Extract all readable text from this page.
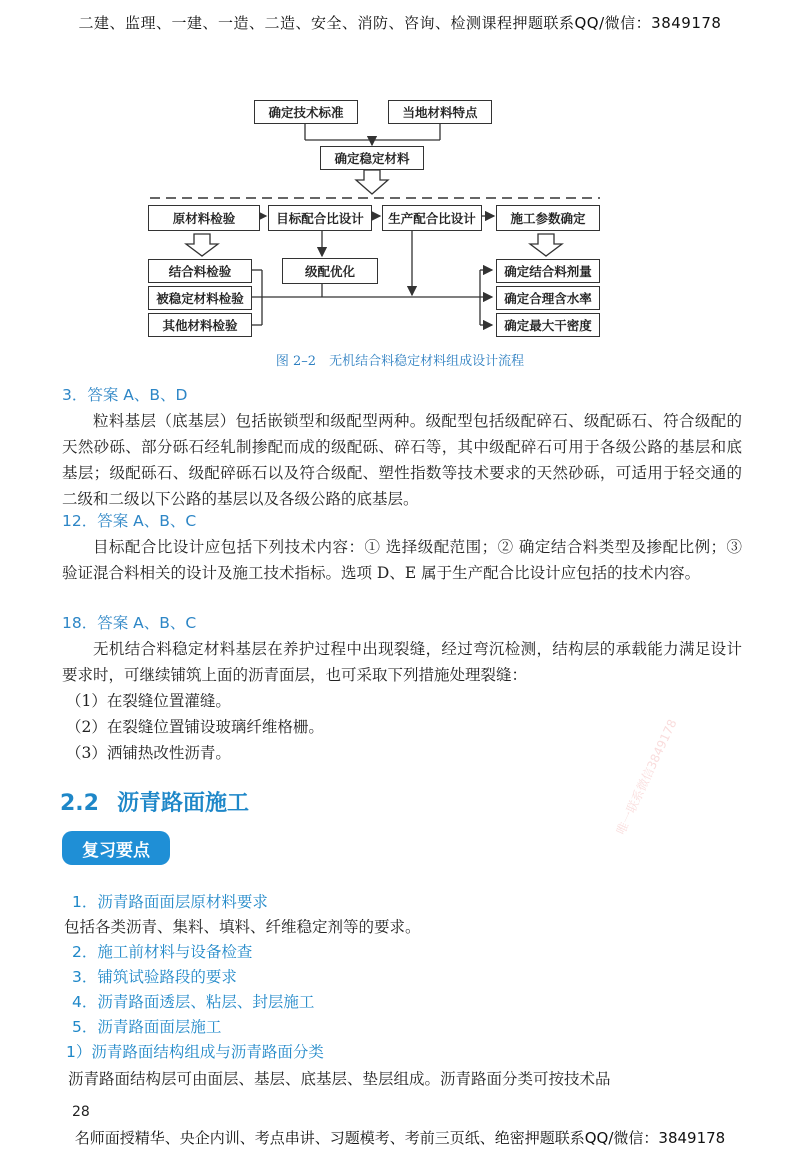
二建、监理、一建、一造、二造、安全、消防、咨询、检测课程押题联系QQ/微信：3849178
确定技术标准	当地材料特点
确定稳定材料
原材料检验	目标配合比设计	生产配合比设计	施工参数确定
结合料检验
被稳定材料检验
其他材料检验
级配优化	确定结合料剂量
确定合理含水率
确定最大干密度
图 2–2　无机结合料稳定材料组成设计流程
3．答案 A、B、D

粒料基层（底基层）包括嵌锁型和级配型两种。级配型包括级配碎石、级配砾石、符合级配的天然砂砾、部分砾石经轧制掺配而成的级配砾、碎石等，其中级配碎石可用于各级公路的基层和底基层；级配砾石、级配碎砾石以及符合级配、塑性指数等技术要求的天然砂砾，可适用于轻交通的二级和二级以下公路的基层以及各级公路的底基层。

12．答案 A、B、C

目标配合比设计应包括下列技术内容：① 选择级配范围；② 确定结合料类型及掺配比例；③ 验证混合料相关的设计及施工技术指标。选项 D、E 属于生产配合比设计应包括的技术内容。

18．答案 A、B、C

无机结合料稳定材料基层在养护过程中出现裂缝，经过弯沉检测，结构层的承载能力满足设计要求时，可继续铺筑上面的沥青面层，也可采取下列措施处理裂缝：

（1）在裂缝位置灌缝。
（2）在裂缝位置铺设玻璃纤维格栅。
（3）洒铺热改性沥青。	唯一联系微信3849178
2.2 沥青路面施工
复习要点
1．沥青路面面层原材料要求
包括各类沥青、集料、填料、纤维稳定剂等的要求。
2．施工前材料与设备检查
3．铺筑试验路段的要求
4．沥青路面透层、粘层、封层施工
5．沥青路面面层施工
1）沥青路面结构组成与沥青路面分类
沥青路面结构层可由面层、基层、底基层、垫层组成。沥青路面分类可按技术品
28
名师面授精华、央企内训、考点串讲、习题模考、考前三页纸、绝密押题联系QQ/微信：3849178
